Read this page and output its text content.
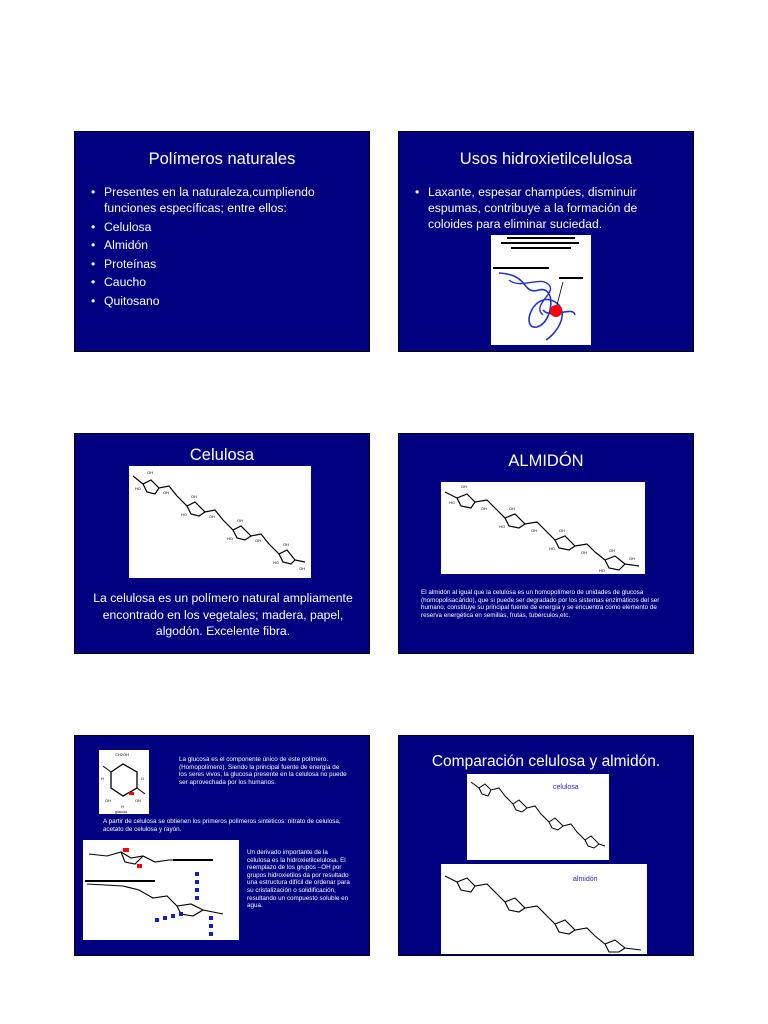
Polímeros naturales
• Presentes en la naturaleza,cumpliendo funciones específicas; entre ellos:
• Celulosa
• Almidón
• Proteínas
• Caucho
• Quitosano
Usos hidroxietilcelulosa
• Laxante, espesar champúes, disminuir espumas, contribuye a la formación de coloides para eliminar suciedad.
Celulosa
OH
HO
OH
OH
HO	OH
OH
HO	OH
OH
HO
OH
La celulosa es un polímero natural ampliamente encontrado en los vegetales; madera, papel, algodón. Excelente fibra.
ALMIDÓN
OH
HO
OH	OH
HO
OH	OH
HO
OH	OH
HO
OH
El almidón al igual que la celulosa es un homopolímero de unidades de glucosa (homopolisacárido), que si puede ser degradado por los sistemas enzimáticos del ser humano, constituye su principal fuente de energía y se encuentra como elemento de reserva energética en semillas, frutas, tubérculos,etc.
CH2OH
H	O
OH
H
OH
glucosa
La glucosa es el componente único de este polímero. (Homopolímero). Siendo la principal fuente de energía de los seres vivos, la glucosa presente en la celulosa no puede ser aprovechada por los humanos.
A partir de celulosa se obtienen los primeros polímeros sintéticos: nitrato de celulosa, acetato de celulosa y rayón.
Un derivado importante de la celulosa es la hidroxietilcelulosa. El reemplazo de los grupos –OH por grupos hidroxietilos da por resultado una estructura difícil de ordenar para su cristalización o solidificación, resultando un compuesto soluble en agua.
Comparación celulosa y almidón.
celulosa
almidón
